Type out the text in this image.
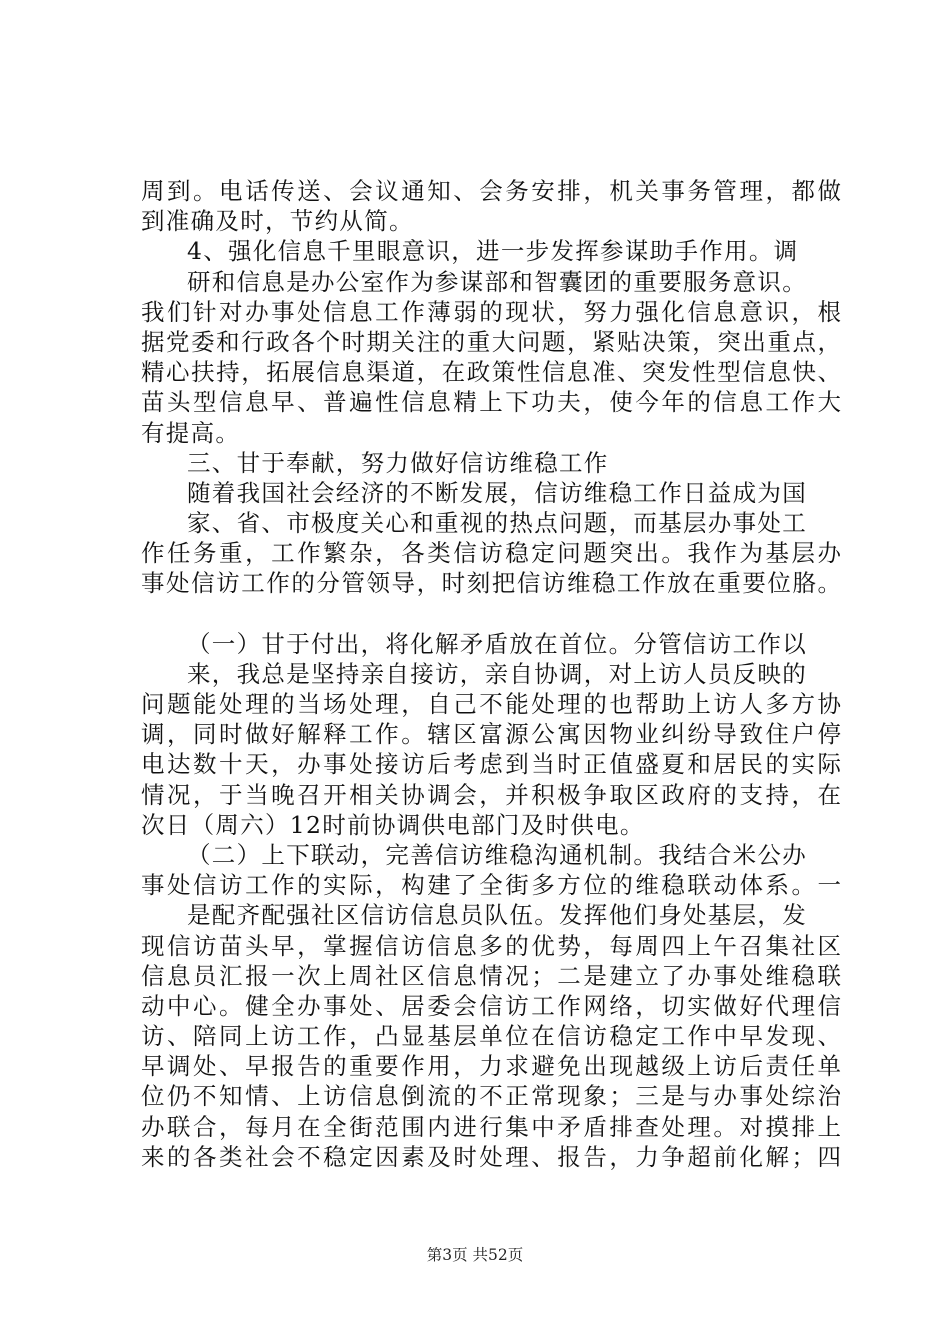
周到。电话传送、会议通知、会务安排，机关事务管理，都做
到准确及时，节约从简。
4、强化信息千里眼意识，进一步发挥参谋助手作用。调
研和信息是办公室作为参谋部和智囊团的重要服务意识。
我们针对办事处信息工作薄弱的现状，努力强化信息意识，根
据党委和行政各个时期关注的重大问题，紧贴决策，突出重点，
精心扶持，拓展信息渠道，在政策性信息准、突发性型信息快、
苗头型信息早、普遍性信息精上下功夫，使今年的信息工作大
有提高。
三、甘于奉献，努力做好信访维稳工作
随着我国社会经济的不断发展，信访维稳工作日益成为国
家、省、市极度关心和重视的热点问题，而基层办事处工
作任务重，工作繁杂，各类信访稳定问题突出。我作为基层办
事处信访工作的分管领导，时刻把信访维稳工作放在重要位胳。
（一）甘于付出，将化解矛盾放在首位。分管信访工作以
来，我总是坚持亲自接访，亲自协调，对上访人员反映的
问题能处理的当场处理，自己不能处理的也帮助上访人多方协
调，同时做好解释工作。辖区富源公寓因物业纠纷导致住户停
电达数十天，办事处接访后考虑到当时正值盛夏和居民的实际
情况，于当晚召开相关协调会，并积极争取区政府的支持，在
次日（周六）12时前协调供电部门及时供电。
（二）上下联动，完善信访维稳沟通机制。我结合米公办
事处信访工作的实际，构建了全街多方位的维稳联动体系。一
是配齐配强社区信访信息员队伍。发挥他们身处基层，发
现信访苗头早，掌握信访信息多的优势，每周四上午召集社区
信息员汇报一次上周社区信息情况；二是建立了办事处维稳联
动中心。健全办事处、居委会信访工作网络，切实做好代理信
访、陪同上访工作，凸显基层单位在信访稳定工作中早发现、
早调处、早报告的重要作用，力求避免出现越级上访后责任单
位仍不知情、上访信息倒流的不正常现象；三是与办事处综治
办联合，每月在全街范围内进行集中矛盾排查处理。对摸排上
来的各类社会不稳定因素及时处理、报告，力争超前化解；四
第3页 共52页
